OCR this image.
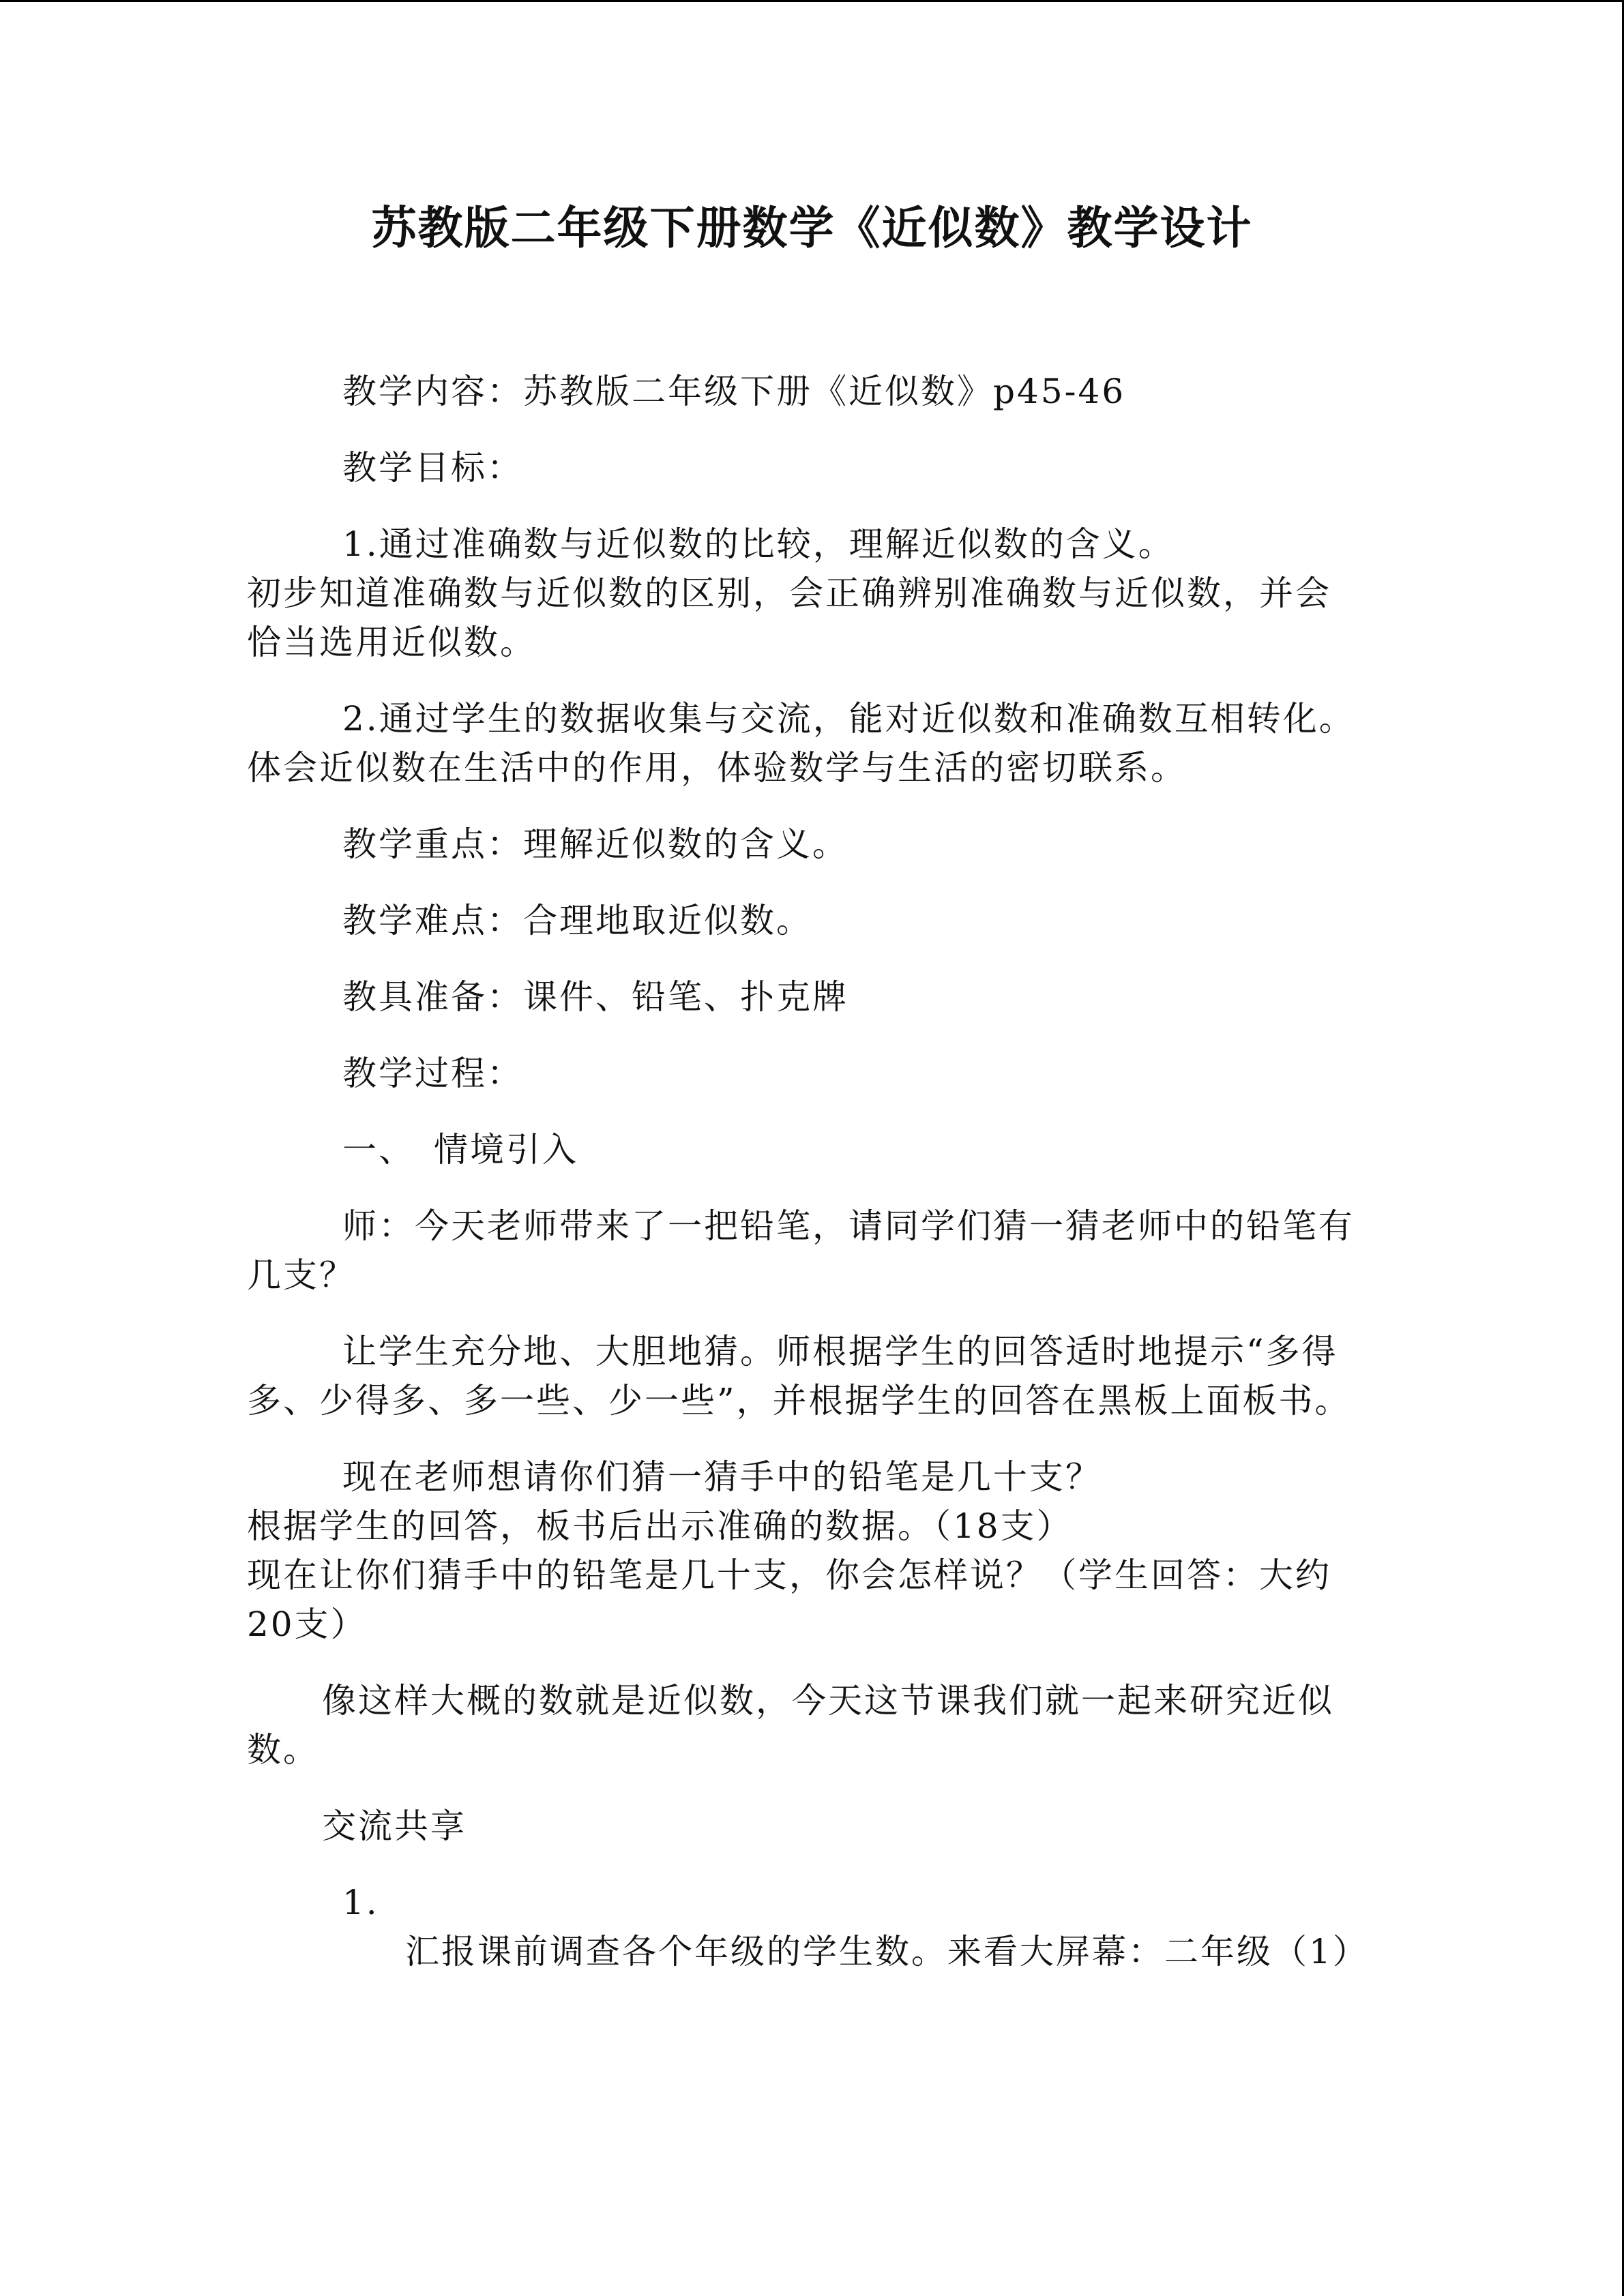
苏教版二年级下册数学《近似数》教学设计

教学内容：苏教版二年级下册《近似数》p45-46

教学目标：

1.通过准确数与近似数的比较，理解近似数的含义。

初步知道准确数与近似数的区别，会正确辨别准确数与近似数，并会恰当选用近似数。

2.通过学生的数据收集与交流，能对近似数和准确数互相转化。

体会近似数在生活中的作用，体验数学与生活的密切联系。

教学重点：理解近似数的含义。

教学难点：合理地取近似数。

教具准备：课件、铅笔、扑克牌

教学过程：

一、　情境引入

师：今天老师带来了一把铅笔，请同学们猜一猜老师中的铅笔有几支？

让学生充分地、大胆地猜。师根据学生的回答适时地提示“多得多、少得多、多一些、少一些”，并根据学生的回答在黑板上面板书。

现在老师想请你们猜一猜手中的铅笔是几十支？

根据学生的回答，板书后出示准确的数据。（18支）

现在让你们猜手中的铅笔是几十支，你会怎样说？（学生回答：大约20支）

像这样大概的数就是近似数，今天这节课我们就一起来研究近似数。

交流共享

1.汇报课前调查各个年级的学生数。来看大屏幕：二年级（1）
